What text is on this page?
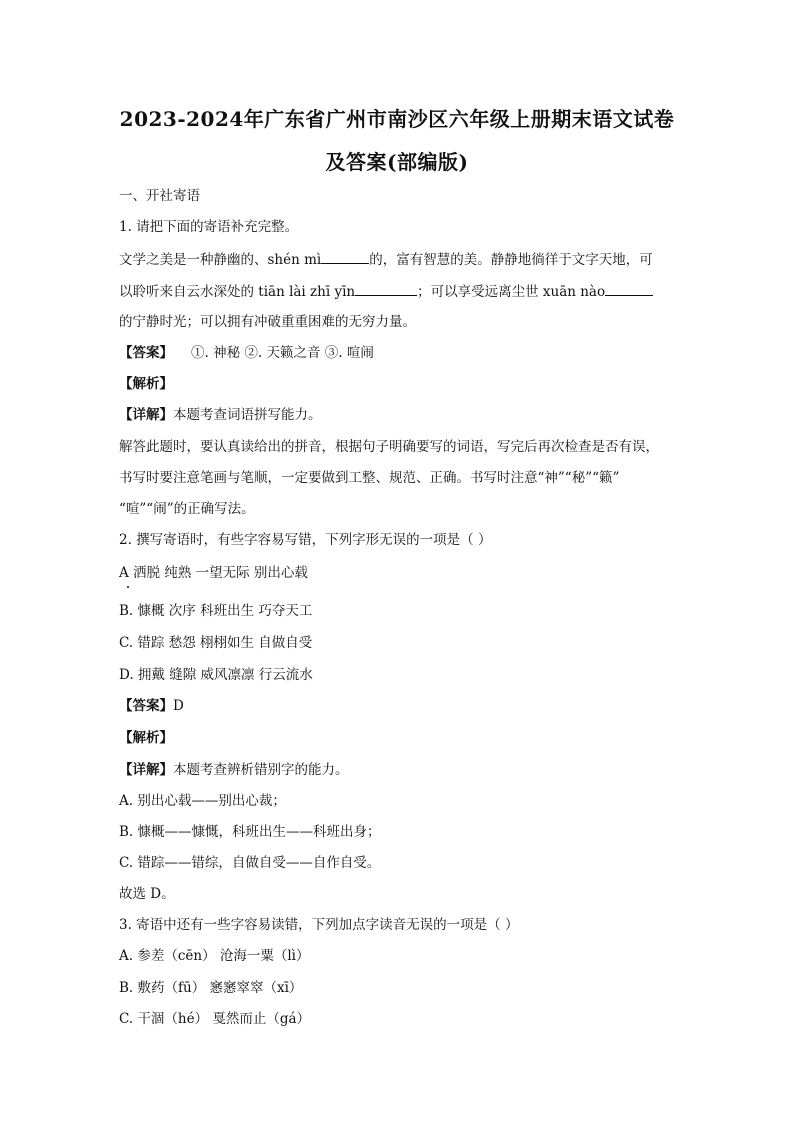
2023-2024年广东省广州市南沙区六年级上册期末语文试卷
及答案(部编版)
一、开社寄语
1. 请把下面的寄语补充完整。
文学之美是一种静幽的、shén mì	的，富有智慧的美。静静地徜徉于文字天地，可
以聆听来自云水深处的 tiān lài zhī yīn	；可以享受远离尘世 xuān nào
的宁静时光；可以拥有冲破重重困难的无穷力量。
【答案】 ①. 神秘 ②. 天籁之音 ③. 喧闹
【解析】
【详解】本题考查词语拼写能力。
解答此题时，要认真读给出的拼音，根据句子明确要写的词语，写完后再次检查是否有误，
书写时要注意笔画与笔顺，一定要做到工整、规范、正确。书写时注意“神”“秘”“籁”
“喧”“闹”的正确写法。
2. 撰写寄语时，有些字容易写错，下列字形无误的一项是（ ）
A 洒脱 纯熟 一望无际 别出心载
B. 慷概 次序 科班出生 巧夺天工
C. 错踪 愁怨 栩栩如生 自做自受
D. 拥戴 缝隙 威风凛凛 行云流水
【答案】D
【解析】
【详解】本题考查辨析错别字的能力。
A. 别出心载——别出心裁；
B. 慷概——慷慨，科班出生——科班出身；
C. 错踪——错综，自做自受——自作自受。
故选 D。
3. 寄语中还有一些字容易读错，下列加点字读音无误的一项是（ ）
A. 参差（cēn） 沧海一粟（lì）
B. 敷药（fū） 窸窸窣窣（xī）
C. 干涸（hé） 戛然而止（gá）
